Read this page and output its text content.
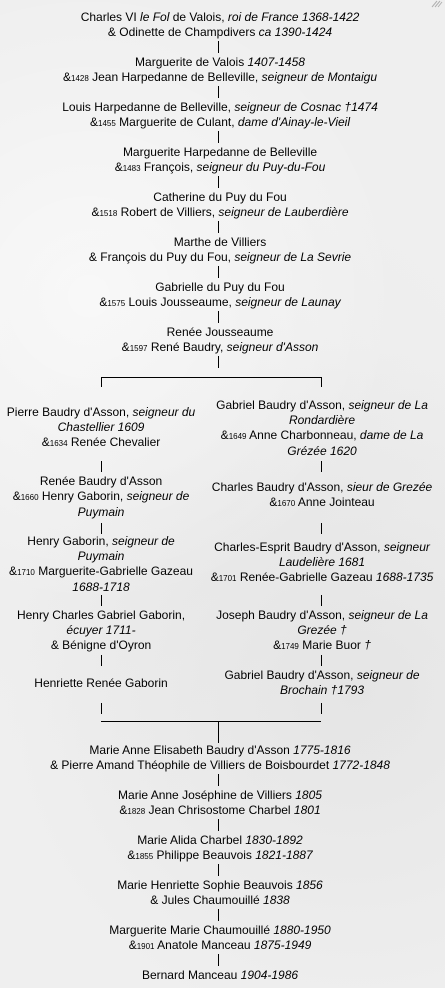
Charles VI le Fol de Valois, roi de France 1368-1422
& Odinette de Champdivers ca 1390-1424
Marguerite de Valois 1407-1458
&1428 Jean Harpedanne de Belleville, seigneur de Montaigu
Louis Harpedanne de Belleville, seigneur de Cosnac †1474
&1455 Marguerite de Culant, dame d'Ainay-le-Vieil
Marguerite Harpedanne de Belleville
&1483 François, seigneur du Puy-du-Fou
Catherine du Puy du Fou
&1518 Robert de Villiers, seigneur de Lauberdière
Marthe de Villiers
& François du Puy du Fou, seigneur de La Sevrie
Gabrielle du Puy du Fou
&1575 Louis Jousseaume, seigneur de Launay
Renée Jousseaume
&1597 René Baudry, seigneur d'Asson
Pierre Baudry d'Asson, seigneur du
Chastellier 1609
&1634 Renée Chevalier
Renée Baudry d'Asson
&1660 Henry Gaborin, seigneur de
Puymain
Henry Gaborin, seigneur de
Puymain
&1710 Marguerite-Gabrielle Gazeau
1688-1718
Henry Charles Gabriel Gaborin,
écuyer 1711-
& Bénigne d'Oyron
Henriette Renée Gaborin
Gabriel Baudry d'Asson, seigneur de La
Rondardière
&1649 Anne Charbonneau, dame de La
Grézée 1620
Charles Baudry d'Asson, sieur de Grezée
&1670 Anne Jointeau
Charles-Esprit Baudry d'Asson, seigneur
Laudelière 1681
&1701 Renée-Gabrielle Gazeau 1688-1735
Joseph Baudry d'Asson, seigneur de La
Grezée †
&1749 Marie Buor †
Gabriel Baudry d'Asson, seigneur de
Brochain †1793
Marie Anne Elisabeth Baudry d'Asson 1775-1816
& Pierre Amand Théophile de Villiers de Boisbourdet 1772-1848
Marie Anne Joséphine de Villiers 1805
&1828 Jean Chrisostome Charbel 1801
Marie Alida Charbel 1830-1892
&1855 Philippe Beauvois 1821-1887
Marie Henriette Sophie Beauvois 1856
& Jules Chaumouillé 1838
Marguerite Marie Chaumouillé 1880-1950
&1901 Anatole Manceau 1875-1949
Bernard Manceau 1904-1986
